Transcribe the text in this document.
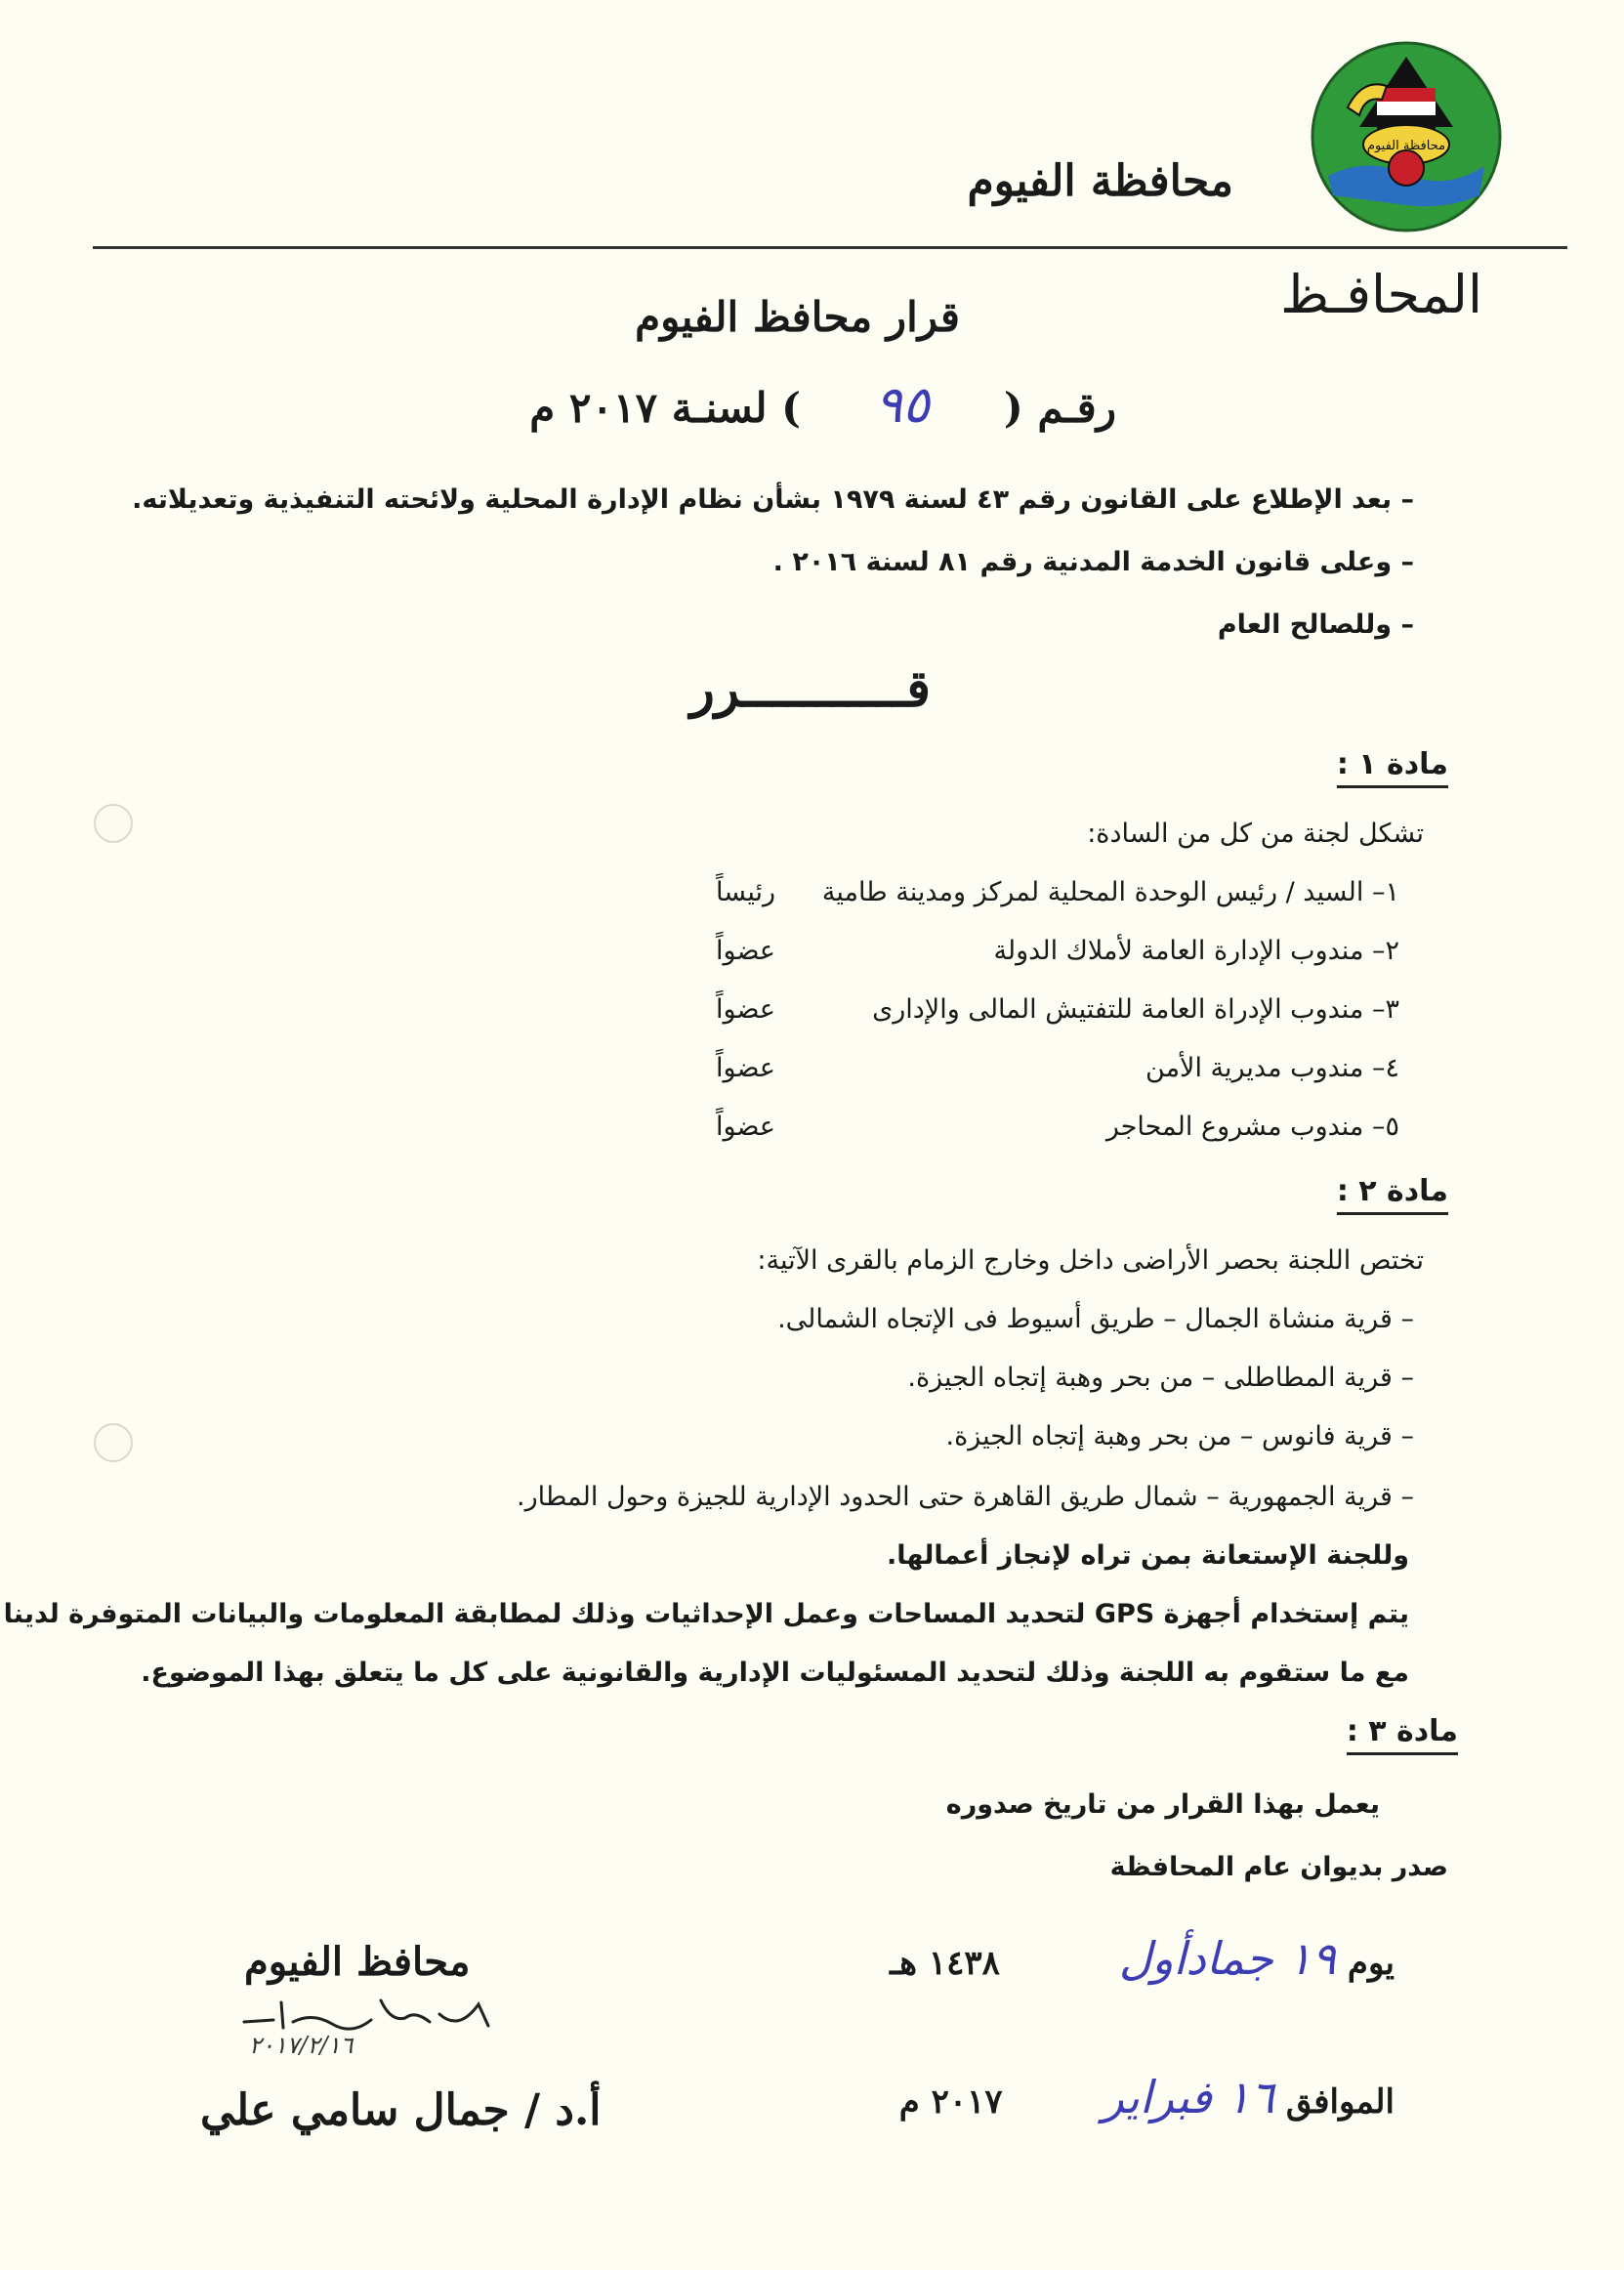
محافظة الفيوم
محافظة الفيوم
المحافـظ
قرار محافظ الفيوم
رقـم (
٩٥
) لسنـة ٢٠١٧ م
– بعد الإطلاع على القانون رقم ٤٣ لسنة ١٩٧٩ بشأن نظام الإدارة المحلية ولائحته التنفيذية وتعديلاته.
– وعلى قانون الخدمة المدنية رقم ٨١ لسنة ٢٠١٦ .
– وللصالح العام
قـــــــــــرر
مادة ١ :
تشكل لجنة من كل من السادة:
١– السيد / رئيس الوحدة المحلية لمركز ومدينة طامية
رئيساً
٢– مندوب الإدارة العامة لأملاك الدولة
عضواً
٣– مندوب الإدراة العامة للتفتيش المالى والإدارى
عضواً
٤– مندوب مديرية الأمن
عضواً
٥– مندوب مشروع المحاجر
عضواً
مادة ٢ :
تختص اللجنة بحصر الأراضى داخل وخارج الزمام بالقرى الآتية:
– قرية منشاة الجمال – طريق أسيوط فى الإتجاه الشمالى.
– قرية المطاطلى – من بحر وهبة إتجاه الجيزة.
– قرية فانوس – من بحر وهبة إتجاه الجيزة.
– قرية الجمهورية – شمال طريق القاهرة حتى الحدود الإدارية للجيزة وحول المطار.
وللجنة الإستعانة بمن تراه لإنجاز أعمالها.
يتم إستخدام أجهزة GPS لتحديد المساحات وعمل الإحداثيات وذلك لمطابقة المعلومات والبيانات المتوفرة لدينا
مع ما ستقوم به اللجنة وذلك لتحديد المسئوليات الإدارية والقانونية على كل ما يتعلق بهذا الموضوع.
مادة ٣ :
يعمل بهذا القرار من تاريخ صدوره
صدر بديوان عام المحافظة
يوم
١٩ جمادأول
١٤٣٨ هـ
الموافق
١٦ فبراير
٢٠١٧ م
محافظ الفيوم
٢٠١٧/٢/١٦
أ.د / جمال سامي علي
